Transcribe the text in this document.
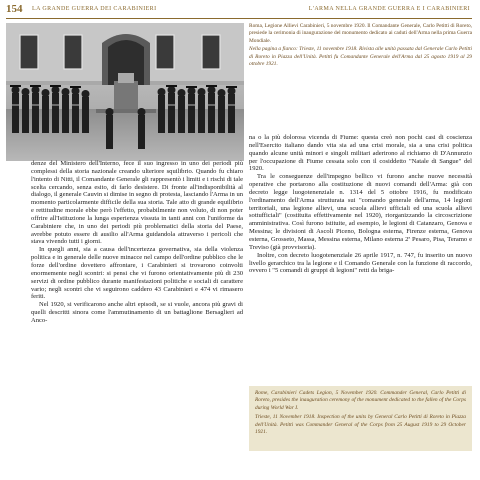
154 LA GRANDE GUERRA DEI CARABINIERI	L'ARMA NELLA GRANDE GUERRA E I CARABINIERI

Roma, Legione Allievi Carabinieri, 5 novembre 1920. Il Comandante Generale, Carlo Petitti di Roreto, presiede la cerimonia di inaugurazione del monumento dedicato ai caduti dell'Arma nella prima Guerra Mondiale.

Nella pagina a fianco: Trieste, 11 novembre 1918. Rivista alle unità passata dal Generale Carlo Petitti di Roreto in Piazza dell'Unità. Petitti fu Comandante Generale dell'Arma dal 25 agosto 1919 al 29 ottobre 1921.

denze del Ministero dell'Interno, fece il suo ingresso in uno dei periodi più complessi della storia nazionale creando ulteriore squilibrio. Quando fu chiaro l'intento di Nitti, il Comandante Generale gli rappresentò i limiti e i rischi di tale scelta cercando, senza esito, di farlo desistere. Di fronte all'indisponibilità al dialogo, il generale Cauvin si dimise in segno di protesta, lasciando l'Arma in un momento particolarmente difficile della sua storia. Tale atto di grande equilibrio e rettitudine morale ebbe però l'effetto, probabilmente non voluto, di non poter offrire all'Istituzione la lunga esperienza vissuta in tanti anni con l'uniforme da Carabiniere che, in uno dei periodi più problematici della storia del Paese, avrebbe potuto essere di ausilio all'Arma guidandola attraverso i pericoli che stava vivendo tutti i giorni.

In quegli anni, sia a causa dell'incertezza governativa, sia della violenza politica e in generale delle nuove minacce nel campo dell'ordine pubblico che le forze dell'ordine dovettero affrontare, i Carabinieri si trovarono coinvolti enormemente negli scontri: si pensi che vi furono orientativamente più di 230 servizi di ordine pubblico durante manifestazioni politiche e sociali di carattere vario; negli scontri che vi seguirono caddero 43 Carabinieri e 474 vi rimasero feriti.

Nel 1920, si verificarono anche altri episodi, se si vuole, ancora più gravi di quelli descritti sinora come l'ammutinamento di un battaglione Bersaglieri ad Anco-

na o la più dolorosa vicenda di Fiume: questa creò non pochi casi di coscienza nell'Esercito italiano dando vita sia ad una crisi morale, sia a una crisi politica quando alcune unità minori e singoli militari aderirono al richiamo di D'Annunzio per l'occupazione di Fiume cessata solo con il cosiddetto "Natale di Sangue" del 1920.

Tra le conseguenze dell'impegno bellico vi furono anche nuove necessità operative che portarono alla costituzione di nuovi comandi dell'Arma: già con decreto legge luogotenenziale n. 1314 del 5 ottobre 1916, fu modificato l'ordinamento dell'Arma strutturata sui "comando generale dell'arma, 14 legioni territoriali, una legione allievi, una scuola allievi ufficiali ed una scuola allievi sottufficiali" (costituita effettivamente nel 1920), riorganizzando la circoscrizione amministrativa. Così furono istituite, ad esempio, le legioni di Catanzaro, Genova e Messina; le divisioni di Ascoli Piceno, Bologna esterna, Firenze esterna, Genova esterna, Grosseto, Massa, Messina esterna, Milano esterna 2ª Pesaro, Pisa, Teramo e Treviso (già provvisoria).

Inoltre, con decreto luogotenenziale 26 aprile 1917, n. 747, fu inserito un nuovo livello gerarchico tra la legione e il Comando Generale con la funzione di raccordo, ovvero i "5 comandi di gruppi di legioni" retti da briga-

Rome, Carabinieri Cadets Legion, 5 November 1920. Commander General, Carlo Petitti di Roreto, presides the inauguration ceremony of the monument dedicated to the fallen of the Corps during World War I.

Trieste, 11 November 1918. Inspection of the units by General Carlo Petitti di Roreto in Piazza dell'Unità. Petitti was Commander General of the Corps from 25 August 1919 to 29 October 1921.
